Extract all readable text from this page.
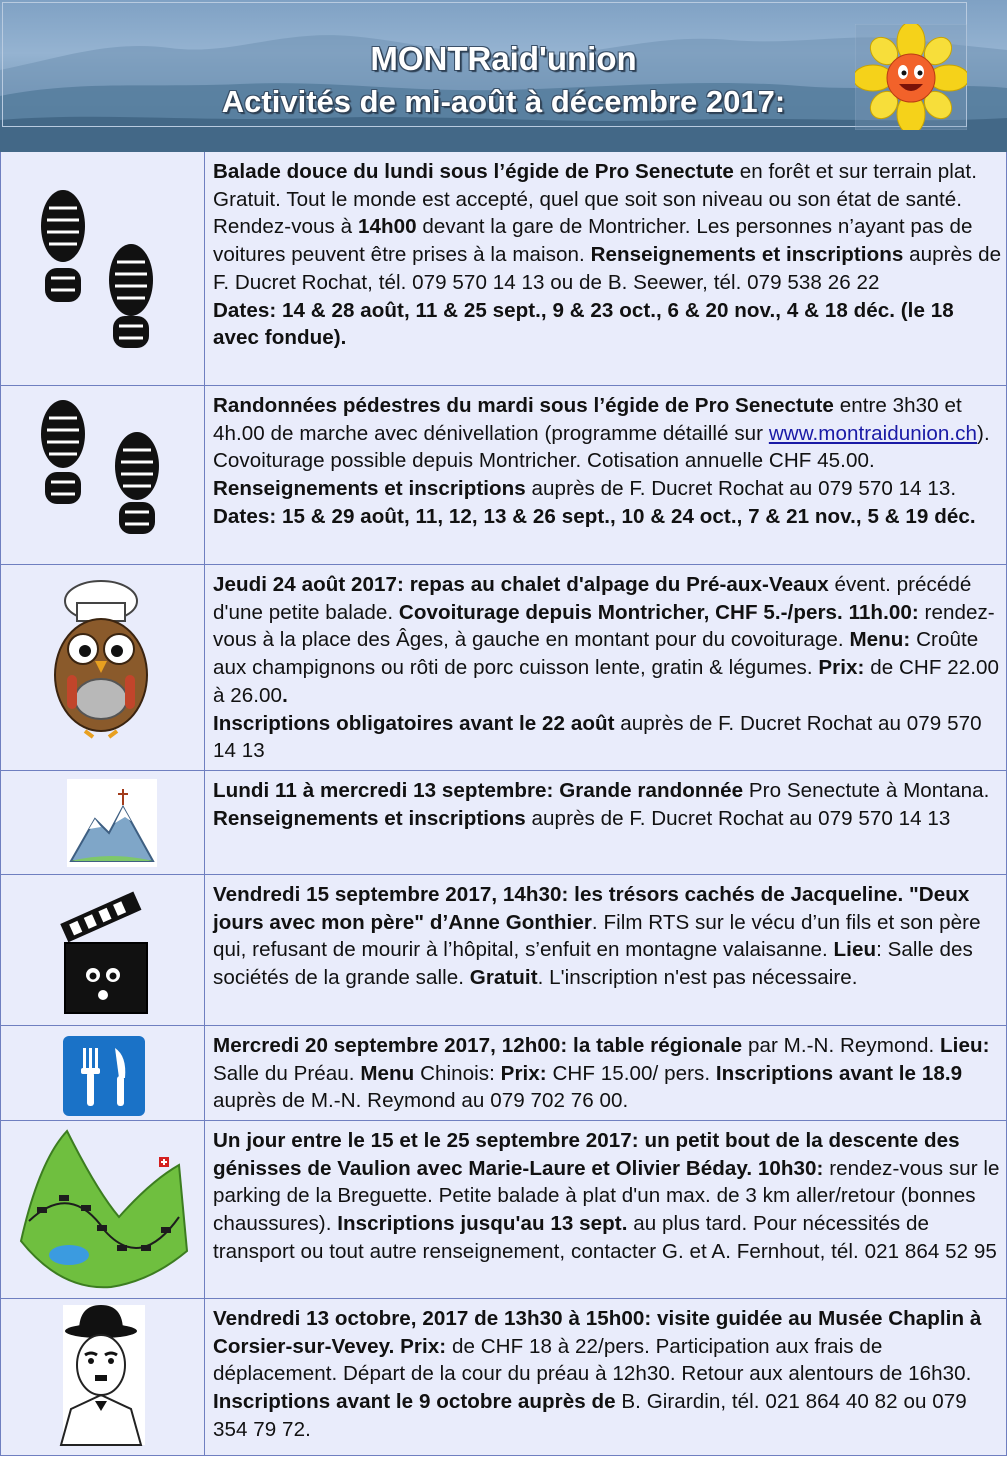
MONTRaid'union
Activités de mi-août à décembre 2017:
Balade douce du lundi sous l’égide de Pro Senectute en forêt et sur terrain plat. Gratuit. Tout le monde est accepté, quel que soit son niveau ou son état de santé. Rendez-vous à 14h00 devant la gare de Montricher. Les personnes n’ayant pas de voitures peuvent être prises à la maison. Renseignements et inscriptions auprès de F. Ducret Rochat, tél. 079 570 14 13 ou de B. Seewer, tél. 079 538 26 22
Dates: 14 & 28 août, 11 & 25 sept., 9 & 23 oct., 6 & 20 nov., 4 & 18 déc. (le 18 avec fondue).
Randonnées pédestres du mardi sous l’égide de Pro Senectute entre 3h30 et 4h.00 de marche avec dénivellation (programme détaillé sur www.montraidunion.ch). Covoiturage possible depuis Montricher. Cotisation annuelle CHF 45.00. Renseignements et inscriptions auprès de F. Ducret Rochat au 079 570 14 13. Dates: 15 & 29 août, 11, 12, 13 & 26 sept., 10 & 24 oct., 7 & 21 nov., 5 & 19 déc.
Jeudi 24 août 2017: repas au chalet d'alpage du Pré-aux-Veaux évent. précédé d'une petite balade. Covoiturage depuis Montricher, CHF 5.-/pers. 11h.00: rendez-vous à la place des Âges, à gauche en montant pour du covoiturage. Menu: Croûte aux champignons ou rôti de porc cuisson lente, gratin & légumes. Prix: de CHF 22.00 à 26.00.
Inscriptions obligatoires avant le 22 août auprès de F. Ducret Rochat au 079 570 14 13
Lundi 11 à mercredi 13 septembre: Grande randonnée Pro Senectute à Montana. Renseignements et inscriptions auprès de F. Ducret Rochat au 079 570 14 13
Vendredi 15 septembre 2017, 14h30: les trésors cachés de Jacqueline. "Deux jours avec mon père" d’Anne Gonthier. Film RTS sur le vécu d’un fils et son père qui, refusant de mourir à l’hôpital, s’enfuit en montagne valaisanne. Lieu: Salle des sociétés de la grande salle. Gratuit. L'inscription n'est pas nécessaire.
Mercredi 20 septembre 2017, 12h00: la table régionale par M.-N. Reymond. Lieu: Salle du Préau. Menu Chinois: Prix: CHF 15.00/ pers. Inscriptions avant le 18.9 auprès de M.-N. Reymond au 079 702 76 00.
Un jour entre le 15 et le 25 septembre 2017: un petit bout de la descente des génisses de Vaulion avec Marie-Laure et Olivier Béday. 10h30: rendez-vous sur le parking de la Breguette. Petite balade à plat d'un max. de 3 km aller/retour (bonnes chaussures). Inscriptions jusqu'au 13 sept. au plus tard. Pour nécessités de transport ou tout autre renseignement, contacter G. et A. Fernhout, tél. 021 864 52 95
Vendredi 13 octobre, 2017 de 13h30 à 15h00: visite guidée au Musée Chaplin à Corsier-sur-Vevey. Prix: de CHF 18 à 22/pers. Participation aux frais de déplacement. Départ de la cour du préau à 12h30. Retour aux alentours de 16h30. Inscriptions avant le 9 octobre auprès de B. Girardin, tél. 021 864 40 82 ou 079 354 79 72.
